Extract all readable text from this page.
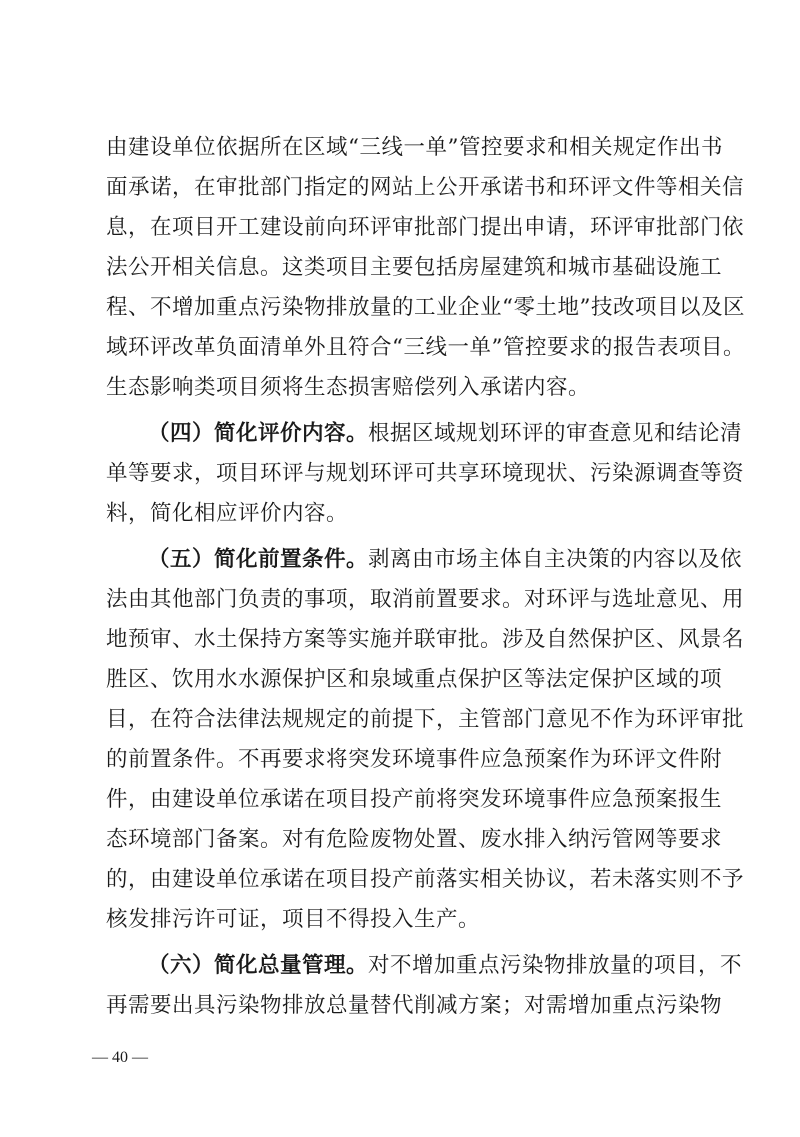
由建设单位依据所在区域“三线一单”管控要求和相关规定作出书
面承诺，在审批部门指定的网站上公开承诺书和环评文件等相关信
息，在项目开工建设前向环评审批部门提出申请，环评审批部门依
法公开相关信息。这类项目主要包括房屋建筑和城市基础设施工
程、不增加重点污染物排放量的工业企业“零土地”技改项目以及区
域环评改革负面清单外且符合“三线一单”管控要求的报告表项目。
生态影响类项目须将生态损害赔偿列入承诺内容。
（四）简化评价内容。根据区域规划环评的审查意见和结论清
单等要求，项目环评与规划环评可共享环境现状、污染源调查等资
料，简化相应评价内容。
（五）简化前置条件。剥离由市场主体自主决策的内容以及依
法由其他部门负责的事项，取消前置要求。对环评与选址意见、用
地预审、水土保持方案等实施并联审批。涉及自然保护区、风景名
胜区、饮用水水源保护区和泉域重点保护区等法定保护区域的项
目，在符合法律法规规定的前提下，主管部门意见不作为环评审批
的前置条件。不再要求将突发环境事件应急预案作为环评文件附
件，由建设单位承诺在项目投产前将突发环境事件应急预案报生
态环境部门备案。对有危险废物处置、废水排入纳污管网等要求
的，由建设单位承诺在项目投产前落实相关协议，若未落实则不予
核发排污许可证，项目不得投入生产。
（六）简化总量管理。对不增加重点污染物排放量的项目，不
再需要出具污染物排放总量替代削减方案；对需增加重点污染物
— 40 —
